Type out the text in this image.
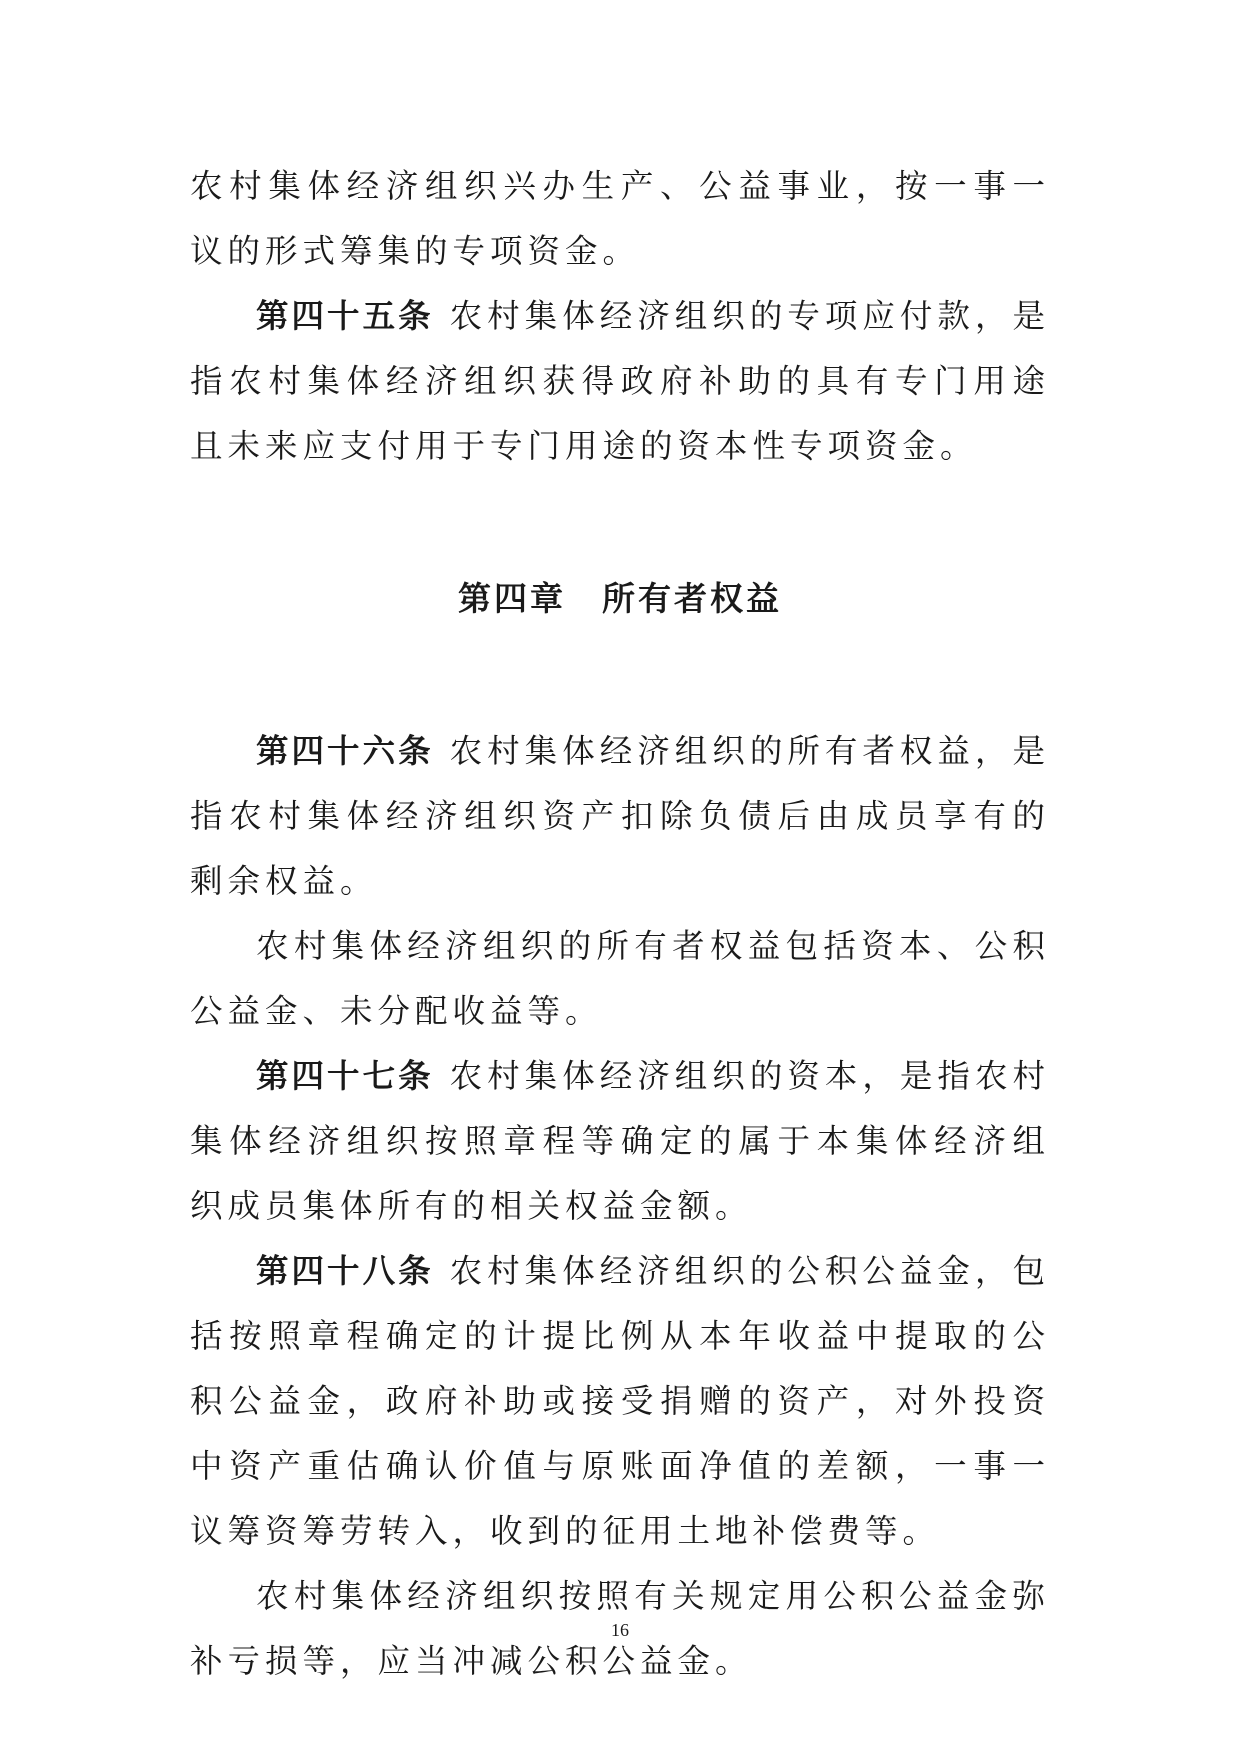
农村集体经济组织兴办生产、公益事业，按一事一议的形式筹集的专项资金。

第四十五条 农村集体经济组织的专项应付款，是指农村集体经济组织获得政府补助的具有专门用途且未来应支付用于专门用途的资本性专项资金。

第四章　所有者权益

第四十六条 农村集体经济组织的所有者权益，是指农村集体经济组织资产扣除负债后由成员享有的剩余权益。

农村集体经济组织的所有者权益包括资本、公积公益金、未分配收益等。

第四十七条 农村集体经济组织的资本，是指农村集体经济组织按照章程等确定的属于本集体经济组织成员集体所有的相关权益金额。

第四十八条 农村集体经济组织的公积公益金，包括按照章程确定的计提比例从本年收益中提取的公积公益金，政府补助或接受捐赠的资产，对外投资中资产重估确认价值与原账面净值的差额，一事一议筹资筹劳转入，收到的征用土地补偿费等。

农村集体经济组织按照有关规定用公积公益金弥补亏损等，应当冲减公积公益金。

16
